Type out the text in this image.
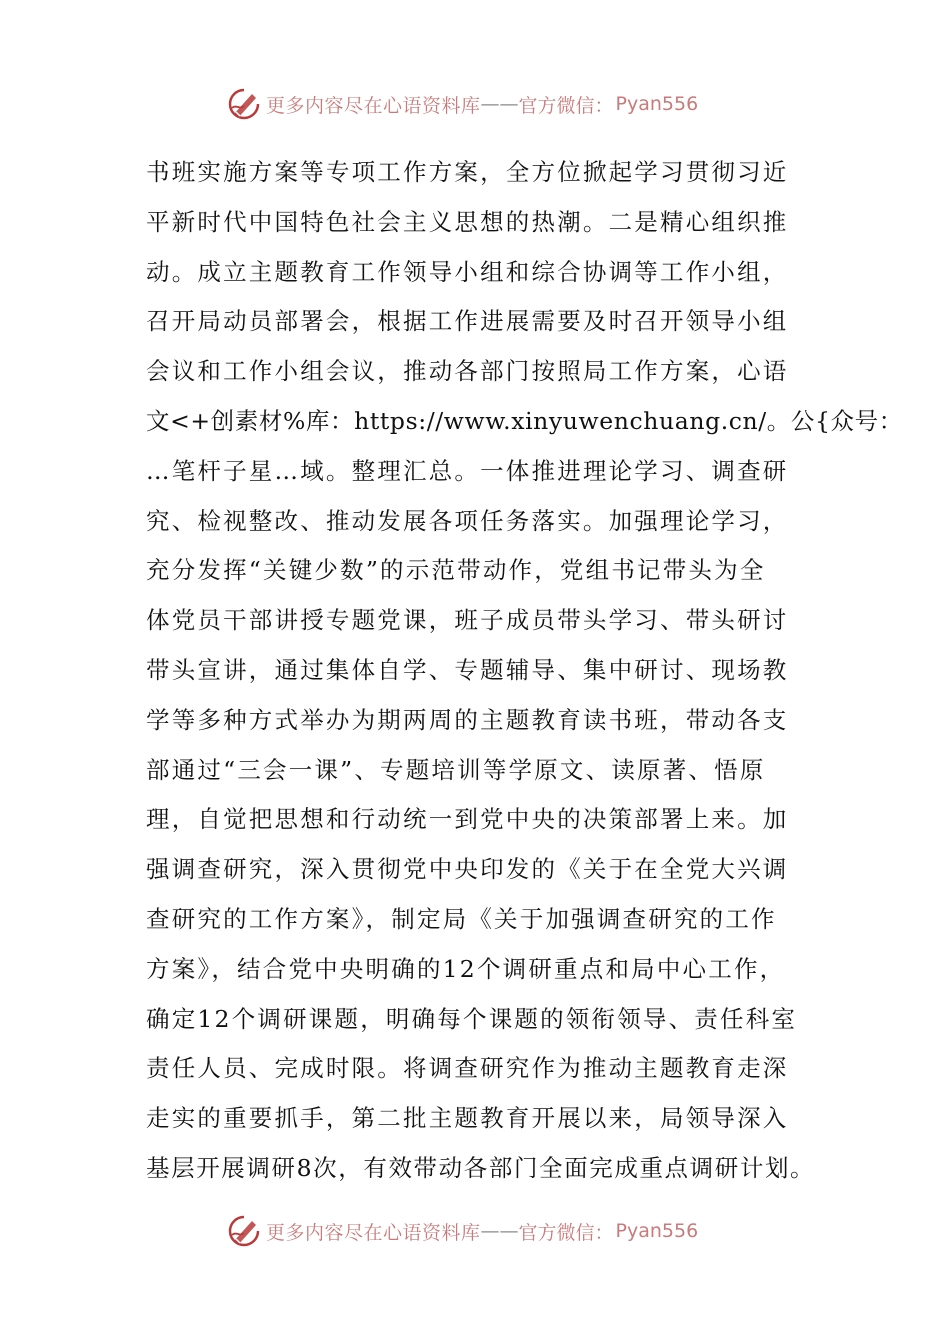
更多内容尽在心语资料库 —— 官方微信： Pyan556
书班实施方案等专项工作方案，全方位掀起学习贯彻习近
平新时代中国特色社会主义思想的热潮。二是精心组织推
动。成立主题教育工作领导小组和综合协调等工作小组，
召开局动员部署会，根据工作进展需要及时召开领导小组
会议和工作小组会议，推动各部门按照局工作方案，心语
文<+创素材%库：https://www.xinyuwenchuang.cn/。公{众号：
…笔杆子星…域。整理汇总。一体推进理论学习、调查研
究、检视整改、推动发展各项任务落实。加强理论学习，
充分发挥“关键少数”的示范带动作，党组书记带头为全
体党员干部讲授专题党课，班子成员带头学习、带头研讨
带头宣讲，通过集体自学、专题辅导、集中研讨、现场教
学等多种方式举办为期两周的主题教育读书班，带动各支
部通过“三会一课”、专题培训等学原文、读原著、悟原
理，自觉把思想和行动统一到党中央的决策部署上来。加
强调查研究，深入贯彻党中央印发的《关于在全党大兴调
查研究的工作方案》，制定局《关于加强调查研究的工作
方案》，结合党中央明确的12个调研重点和局中心工作，
确定12个调研课题，明确每个课题的领衔领导、责任科室
责任人员、完成时限。将调查研究作为推动主题教育走深
走实的重要抓手，第二批主题教育开展以来，局领导深入
基层开展调研8次，有效带动各部门全面完成重点调研计划。
更多内容尽在心语资料库 —— 官方微信： Pyan556
